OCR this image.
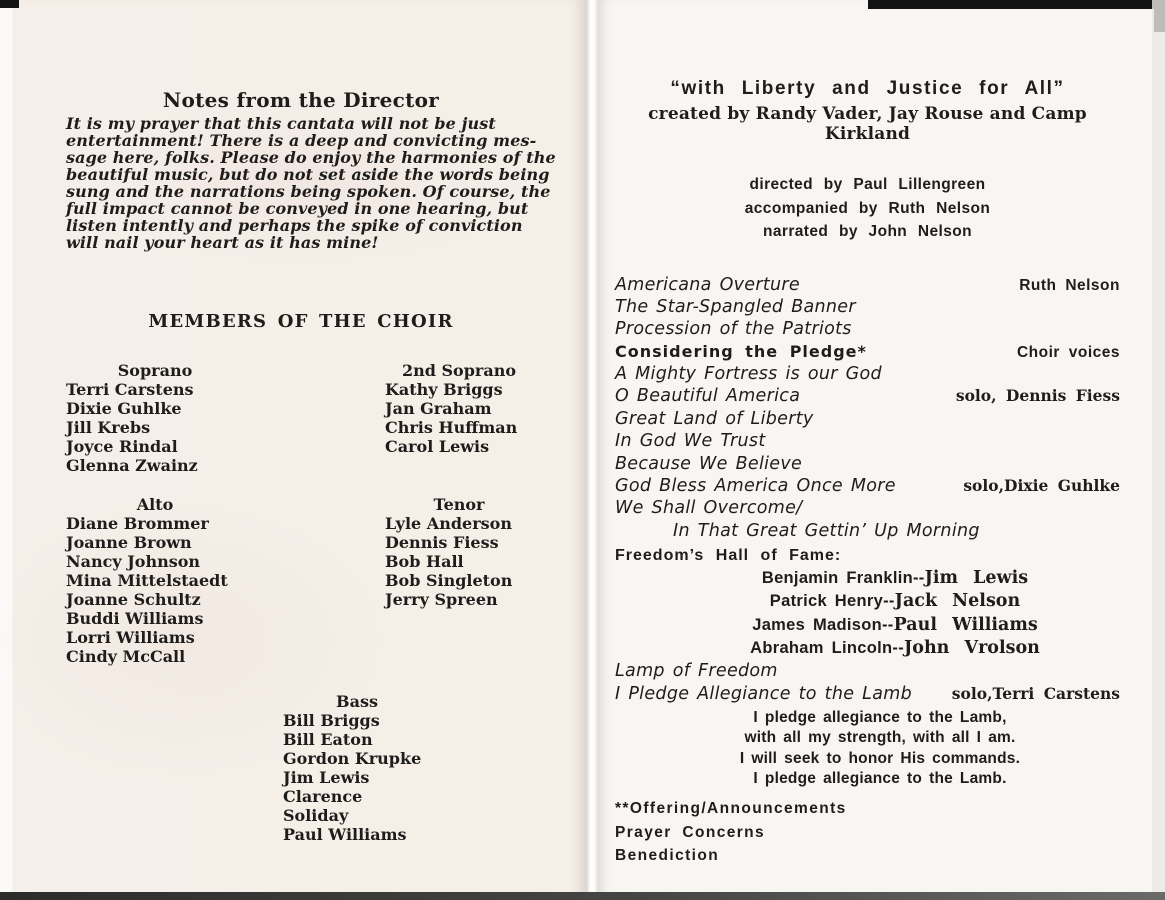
Notes from the Director
It is my prayer that this cantata will not be just
entertainment! There is a deep and convicting mes-
sage here, folks. Please do enjoy the harmonies of the
beautiful music, but do not set aside the words being
sung and the narrations being spoken. Of course, the
full impact cannot be conveyed in one hearing, but
listen intently and perhaps the spike of conviction
will nail your heart as it has mine!
MEMBERS OF THE CHOIR
Soprano
Terri Carstens
Dixie Guhlke
Jill Krebs
Joyce Rindal
Glenna Zwainz
2nd Soprano
Kathy Briggs
Jan Graham
Chris Huffman
Carol Lewis
Alto
Diane Brommer
Joanne Brown
Nancy Johnson
Mina Mittelstaedt
Joanne Schultz
Buddi Williams
Lorri Williams
Cindy McCall
Tenor
Lyle Anderson
Dennis Fiess
Bob Hall
Bob Singleton
Jerry Spreen
Bass
Bill Briggs
Bill Eaton
Gordon Krupke
Jim Lewis
Clarence Soliday
Paul Williams
“with Liberty and Justice for All”
created by Randy Vader, Jay Rouse and Camp Kirkland
directed by Paul Lillengreen
accompanied by Ruth Nelson
narrated by John Nelson
Americana Overture	Ruth Nelson
The Star-Spangled Banner
Procession of the Patriots
Considering the Pledge*	Choir voices
A Mighty Fortress is our God
O Beautiful America	solo, Dennis Fiess
Great Land of Liberty
In God We Trust
Because We Believe
God Bless America Once More	solo,Dixie Guhlke
We Shall Overcome/
In That Great Gettin’ Up Morning
Freedom’s Hall of Fame:
Benjamin Franklin--Jim Lewis
Patrick Henry--Jack Nelson
James Madison--Paul Williams
Abraham Lincoln--John Vrolson
Lamp of Freedom
I Pledge Allegiance to the Lamb	solo,Terri Carstens
I pledge allegiance to the Lamb,
with all my strength, with all I am.
I will seek to honor His commands.
I pledge allegiance to the Lamb.
**Offering/Announcements
Prayer Concerns
Benediction
